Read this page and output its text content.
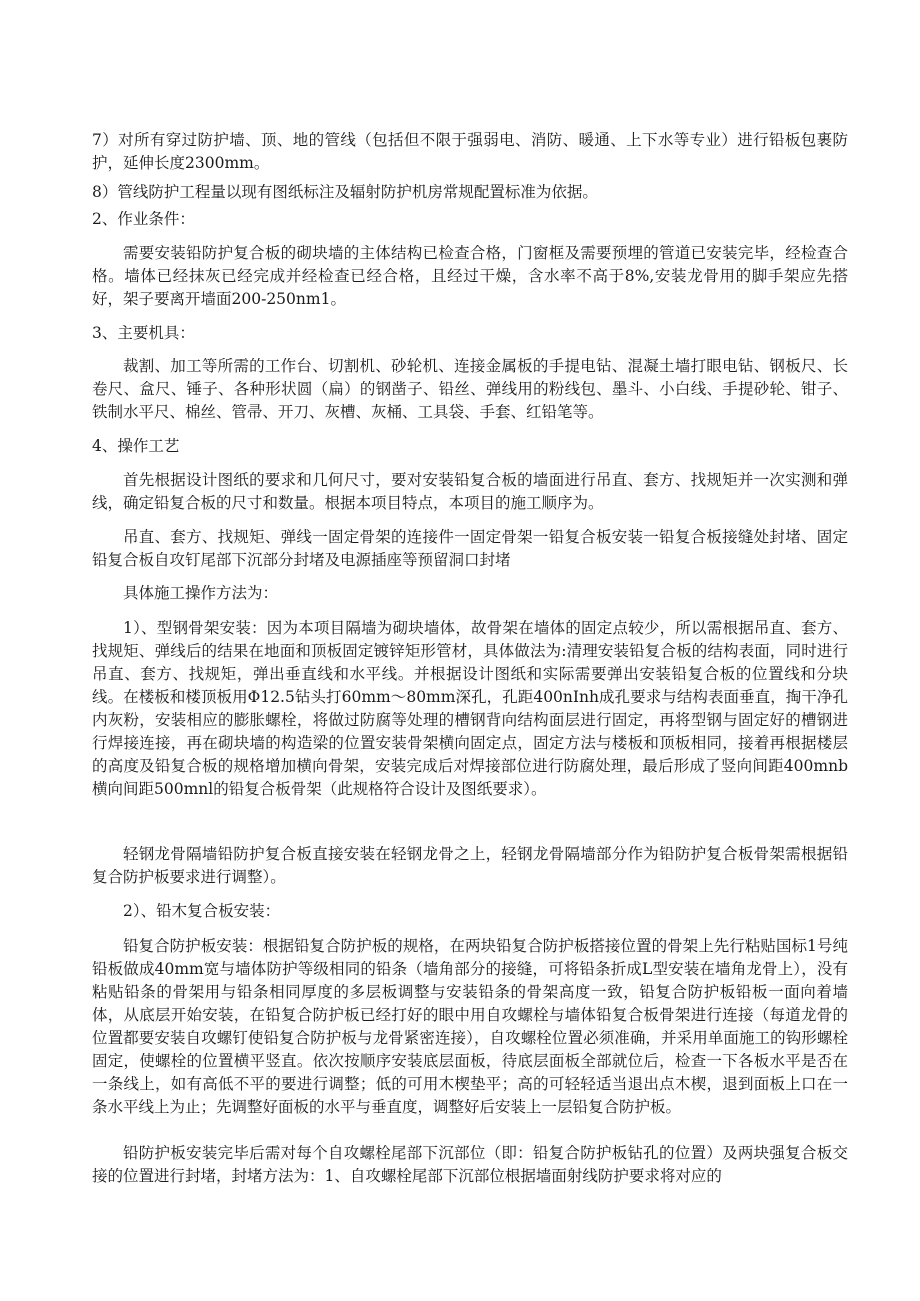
7）对所有穿过防护墙、顶、地的管线（包括但不限于强弱电、消防、暖通、上下水等专业）进行铅板包裹防护，延伸长度2300mm。
8）管线防护工程量以现有图纸标注及辐射防护机房常规配置标准为依据。
2、作业条件：
需要安装铅防护复合板的砌块墙的主体结构已检查合格，门窗框及需要预埋的管道已安装完毕，经检查合格。墙体已经抹灰已经完成并经检查已经合格，且经过干燥，含水率不高于8%,安装龙骨用的脚手架应先搭好，架子要离开墙面200-250nm1。
3、主要机具：
裁割、加工等所需的工作台、切割机、砂轮机、连接金属板的手提电钻、混凝土墙打眼电钻、钢板尺、长卷尺、盒尺、锤子、各种形状圆（扁）的钢凿子、铅丝、弹线用的粉线包、墨斗、小白线、手提砂轮、钳子、铁制水平尺、棉丝、管帚、开刀、灰槽、灰桶、工具袋、手套、红铅笔等。
4、操作工艺
首先根据设计图纸的要求和几何尺寸，要对安装铅复合板的墙面进行吊直、套方、找规矩并一次实测和弹线，确定铅复合板的尺寸和数量。根据本项目特点，本项目的施工顺序为。
吊直、套方、找规矩、弹线一固定骨架的连接件一固定骨架一铅复合板安装一铅复合板接缝处封堵、固定铅复合板自攻钉尾部下沉部分封堵及电源插座等预留洞口封堵
具体施工操作方法为：
1）、型钢骨架安装：因为本项目隔墙为砌块墙体，故骨架在墙体的固定点较少，所以需根据吊直、套方、找规矩、弹线后的结果在地面和顶板固定镀锌矩形管材，具体做法为:清理安装铅复合板的结构表面，同时进行吊直、套方、找规矩，弹出垂直线和水平线。并根据设计图纸和实际需要弹出安装铅复合板的位置线和分块线。在楼板和楼顶板用Φ12.5钻头打60mm～80mm深孔，孔距400nInh成孔要求与结构表面垂直，掏干净孔内灰粉，安装相应的膨胀螺栓，将做过防腐等处理的槽钢背向结构面层进行固定，再将型钢与固定好的槽钢进行焊接连接，再在砌块墙的构造梁的位置安装骨架横向固定点，固定方法与楼板和顶板相同，接着再根据楼层的高度及铅复合板的规格增加横向骨架，安装完成后对焊接部位进行防腐处理，最后形成了竖向间距400mnb横向间距500mnl的铅复合板骨架（此规格符合设计及图纸要求）。
轻钢龙骨隔墙铅防护复合板直接安装在轻钢龙骨之上，轻钢龙骨隔墙部分作为铅防护复合板骨架需根据铅复合防护板要求进行调整）。
2）、铅木复合板安装：
铅复合防护板安装：根据铅复合防护板的规格，在两块铅复合防护板搭接位置的骨架上先行粘贴国标1号纯铅板做成40mm宽与墙体防护等级相同的铅条（墙角部分的接缝，可将铅条折成L型安装在墙角龙骨上），没有粘贴铅条的骨架用与铅条相同厚度的多层板调整与安装铅条的骨架高度一致，铅复合防护板铅板一面向着墙体，从底层开始安装，在铅复合防护板已经打好的眼中用自攻螺栓与墙体铅复合板骨架进行连接（每道龙骨的位置都要安装自攻螺钉使铅复合防护板与龙骨紧密连接），自攻螺栓位置必须准确，并采用单面施工的钩形螺栓固定，使螺栓的位置横平竖直。依次按顺序安装底层面板，待底层面板全部就位后，检查一下各板水平是否在一条线上，如有高低不平的要进行调整；低的可用木楔垫平；高的可轻轻适当退出点木楔，退到面板上口在一条水平线上为止；先调整好面板的水平与垂直度，调整好后安装上一层铅复合防护板。
铅防护板安装完毕后需对每个自攻螺栓尾部下沉部位（即：铅复合防护板钻孔的位置）及两块强复合板交接的位置进行封堵，封堵方法为：1、自攻螺栓尾部下沉部位根据墙面射线防护要求将对应的
